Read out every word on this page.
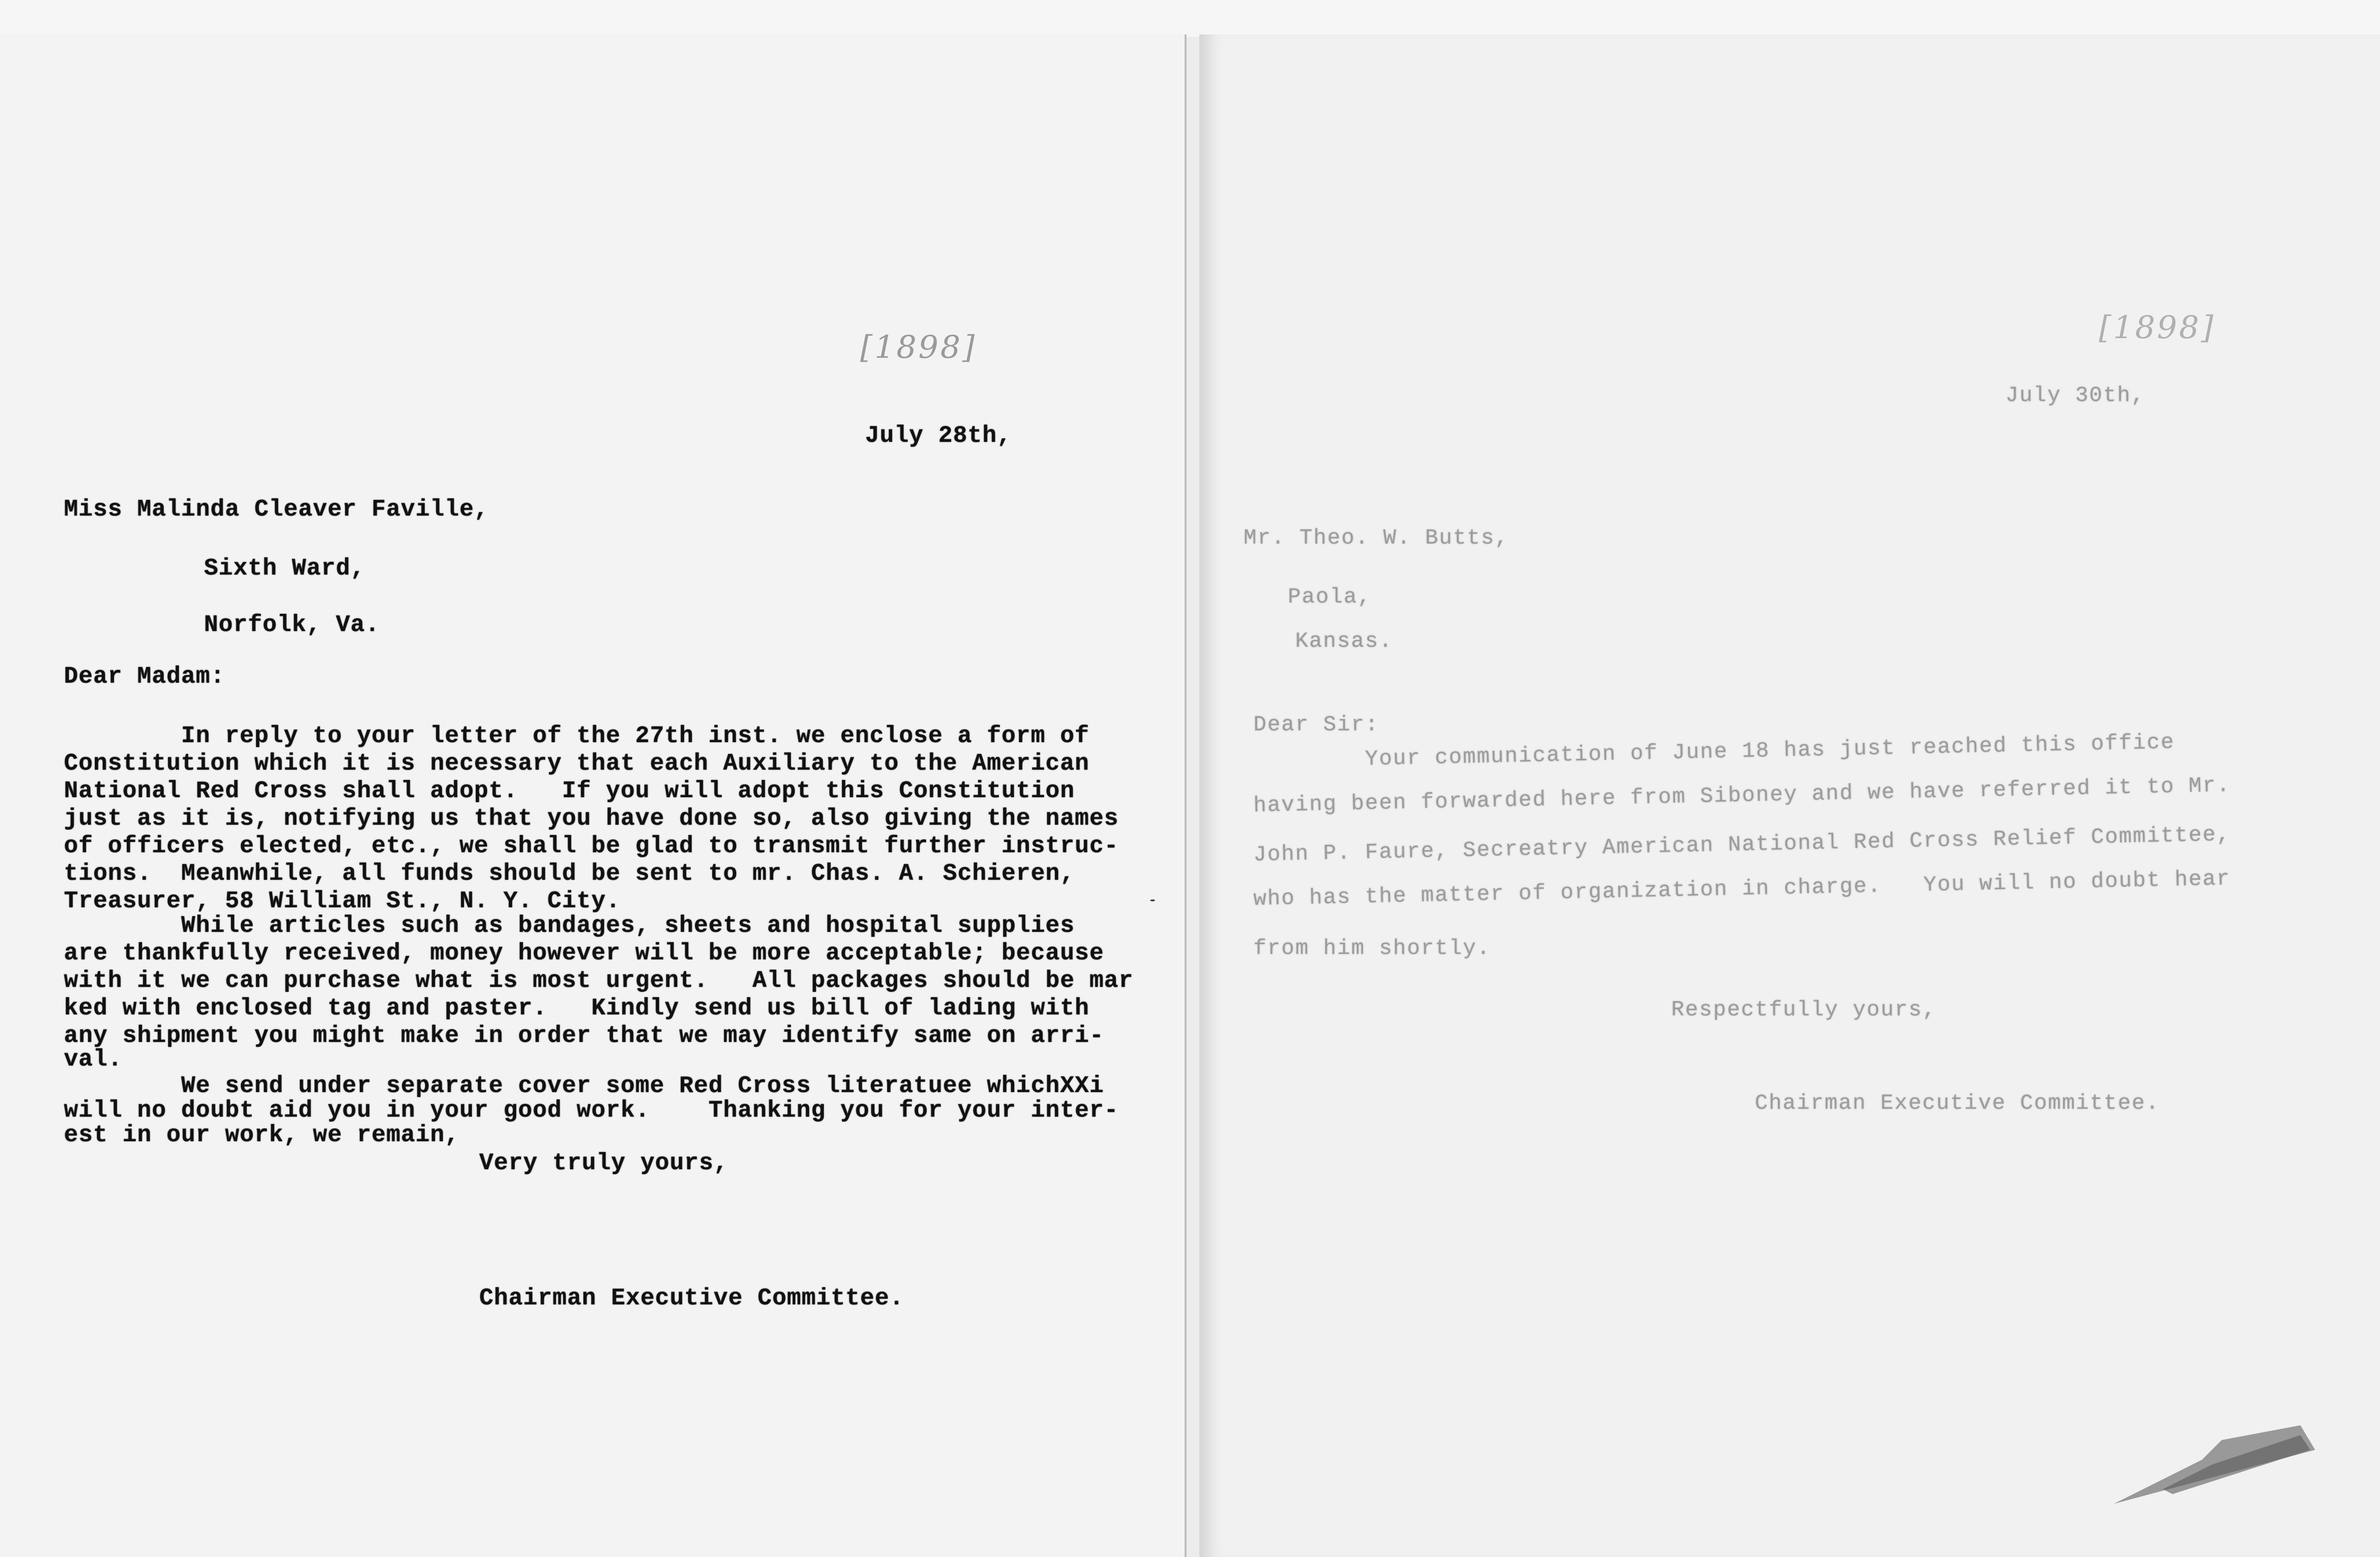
[1898]
July 28th,
Miss Malinda Cleaver Faville,
Sixth Ward,
Norfolk, Va.
Dear Madam:
In reply to your letter of the 27th inst. we enclose a form of
Constitution which it is necessary that each Auxiliary to the American
National Red Cross shall adopt.   If you will adopt this Constitution
just as it is, notifying us that you have done so, also giving the names
of officers elected, etc., we shall be glad to transmit further instruc-
tions.  Meanwhile, all funds should be sent to mr. Chas. A. Schieren,
Treasurer, 58 William St., N. Y. City.
While articles such as bandages, sheets and hospital supplies
are thankfully received, money however will be more acceptable; because
with it we can purchase what is most urgent.   All packages should be mar
ked with enclosed tag and paster.   Kindly send us bill of lading with
any shipment you might make in order that we may identify same on arri-
val.
We send under separate cover some Red Cross literatuee whichXXi
will no doubt aid you in your good work.    Thanking you for your inter-
est in our work, we remain,
Very truly yours,
Chairman Executive Committee.
[1898]
July 30th,
Mr. Theo. W. Butts,
Paola,
Kansas.
Dear Sir:
Your communication of June 18 has just reached this office
having been forwarded here from Siboney and we have referred it to Mr.
John P. Faure, Secreatry American National Red Cross Relief Committee,
who has the matter of organization in charge.   You will no doubt hear
from him shortly.
Respectfully yours,
Chairman Executive Committee.
